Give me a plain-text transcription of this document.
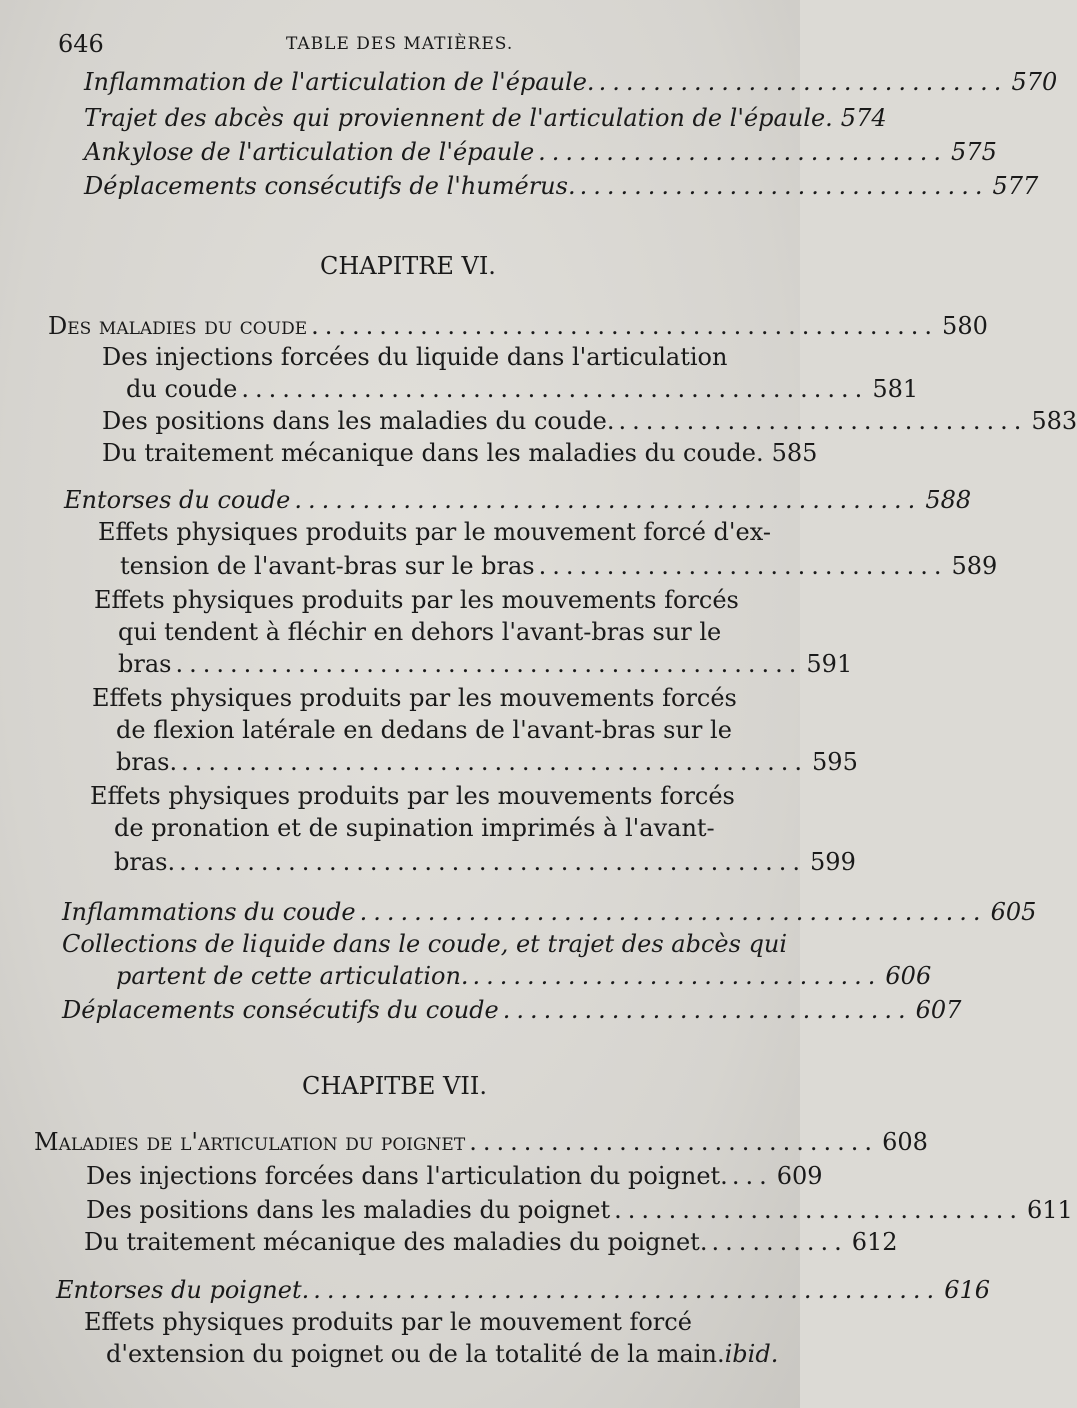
646	TABLE DES MATIÈRES.
Inflammation de l'articulation de l'épaule. .............................. 570
Trajet des abcès qui proviennent de l'articulation de l'épaule. 574
Ankylose de l'articulation de l'épaule .............................. 575
Déplacements consécutifs de l'humérus. .............................. 577
CHAPITRE VI.
Des maladies du coude .............................................. 580
Des injections forcées du liquide dans l'articulation
du coude .............................................. 581
Des positions dans les maladies du coude. .............................. 583
Du traitement mécanique dans les maladies du coude. 585
Entorses du coude .............................................. 588
Effets physiques produits par le mouvement forcé d'ex-
tension de l'avant-bras sur le bras .............................. 589
Effets physiques produits par les mouvements forcés
qui tendent à fléchir en dehors l'avant-bras sur le
bras .............................................. 591
Effets physiques produits par les mouvements forcés
de flexion latérale en dedans de l'avant-bras sur le
bras. .............................................. 595
Effets physiques produits par les mouvements forcés
de pronation et de supination imprimés à l'avant-
bras. .............................................. 599
Inflammations du coude .............................................. 605
Collections de liquide dans le coude, et trajet des abcès qui
partent de cette articulation. .............................. 606
Déplacements consécutifs du coude .............................. 607
CHAPITBE VII.
Maladies de l'articulation du poignet .............................. 608
Des injections forcées dans l'articulation du poignet. ... 609
Des positions dans les maladies du poignet .............................. 611
Du traitement mécanique des maladies du poignet. .......... 612
Entorses du poignet. .............................................. 616
Effets physiques produits par le mouvement forcé
d'extension du poignet ou de la totalité de la main. ibid.
